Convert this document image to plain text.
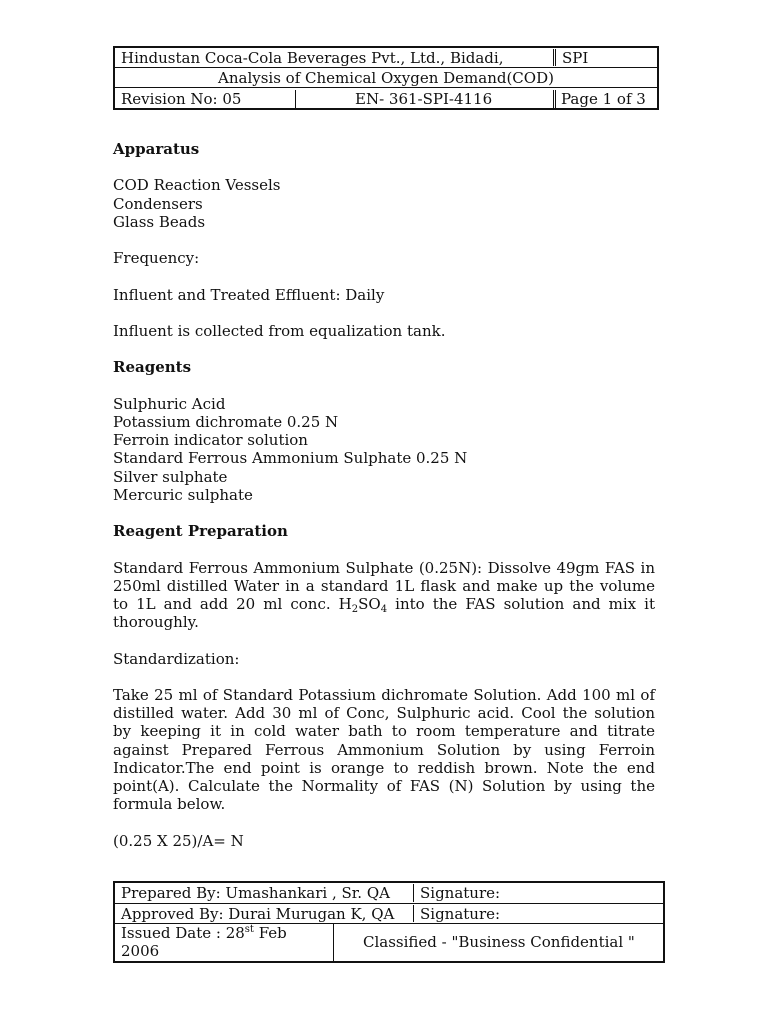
Hindustan Coca-Cola Beverages Pvt., Ltd., Bidadi,	SPI
Analysis of Chemical Oxygen Demand(COD)
Revision No: 05	EN- 361-SPI-4116	Page 1 of 3

Apparatus

COD Reaction Vessels

Condensers

Glass Beads

Frequency:

Influent and Treated Effluent: Daily

Influent is collected from equalization tank.

Reagents

Sulphuric Acid

Potassium dichromate 0.25 N

Ferroin indicator solution

Standard Ferrous Ammonium Sulphate 0.25 N

Silver sulphate

Mercuric sulphate

Reagent Preparation

Standard Ferrous Ammonium Sulphate (0.25N): Dissolve 49gm FAS in

250ml distilled Water in a standard 1L flask and make up the volume

to 1L and add 20 ml conc. $H_2SO_4$ into the FAS solution and mix it

thoroughly.

Standardization:

Take 25 ml of Standard Potassium dichromate Solution. Add 100 ml of

distilled water. Add 30 ml of Conc, Sulphuric acid. Cool the solution

by keeping it in cold water bath to room temperature and titrate

against Prepared Ferrous Ammonium Solution by using Ferroin

Indicator.The end point is orange to reddish brown. Note the end

point(A). Calculate the Normality of FAS (N) Solution by using the

formula below.

(0.25 X 25)/A= N

Prepared By: Umashankari , Sr. QA Signature:
Approved By: Durai Murugan K, QA Signature:
Issued Date : 28st Feb
2006	Classified - "Business Confidential "
